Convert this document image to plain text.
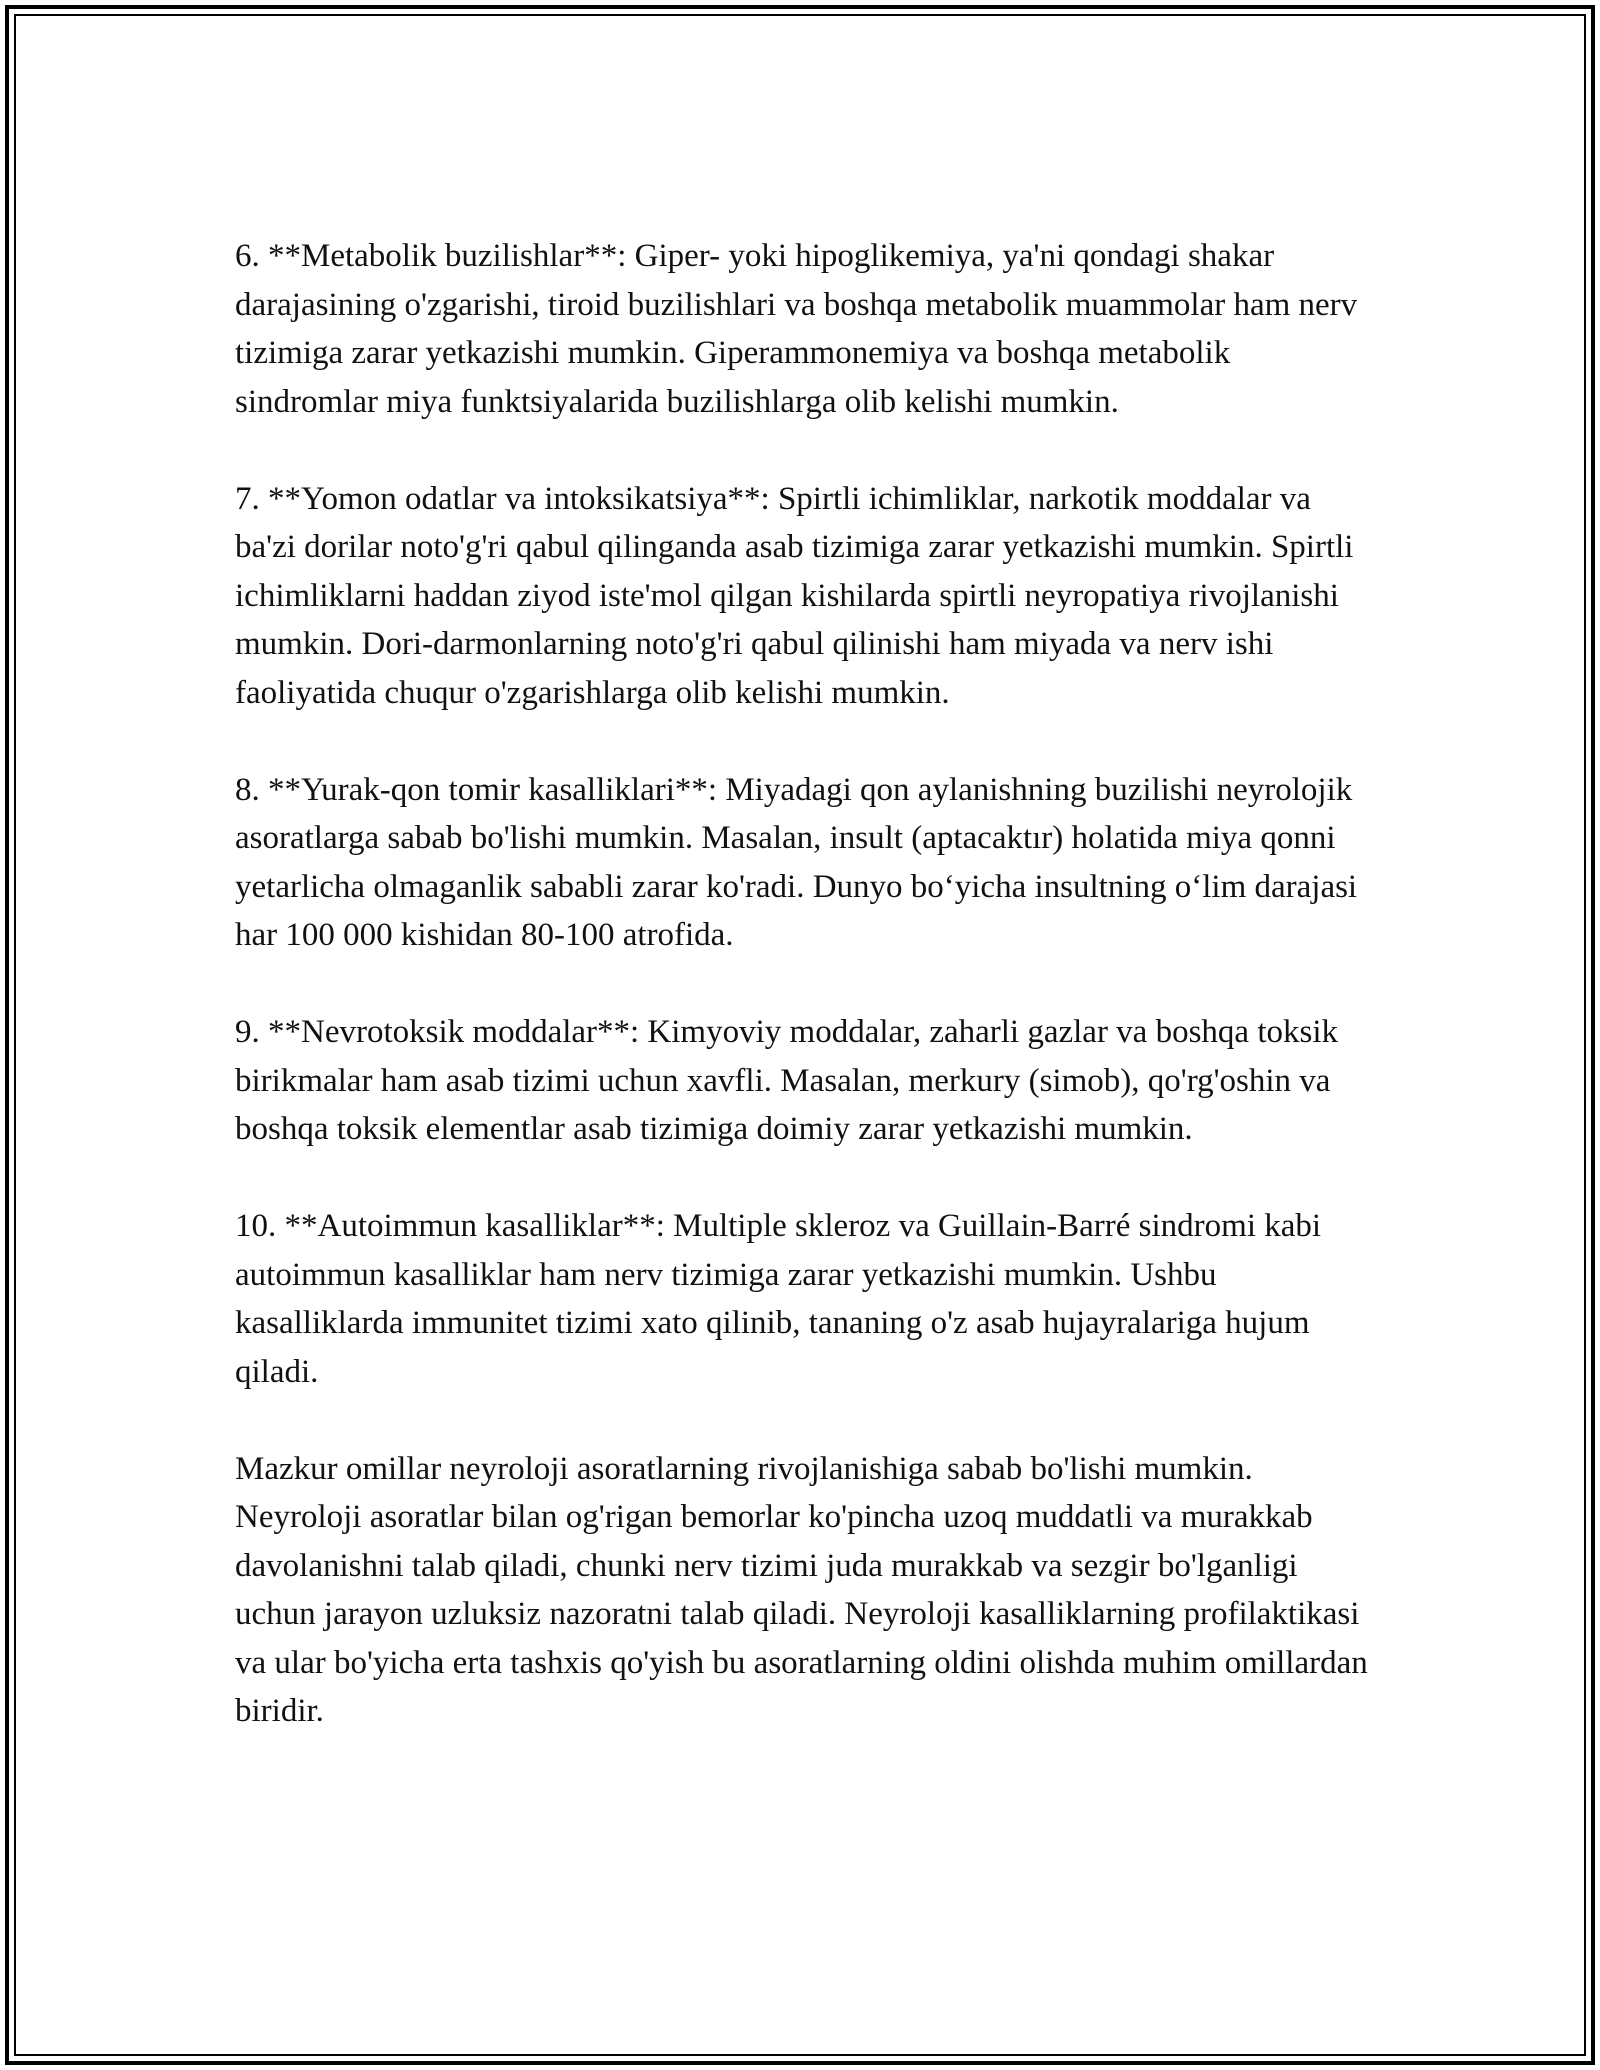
6. **Metabolik buzilishlar**: Giper- yoki hipoglikemiya, ya'ni qondagi shakar darajasining o'zgarishi, tiroid buzilishlari va boshqa metabolik muammolar ham nerv tizimiga zarar yetkazishi mumkin. Giperammonemiya va boshqa metabolik sindromlar miya funktsiyalarida buzilishlarga olib kelishi mumkin.

7. **Yomon odatlar va intoksikatsiya**: Spirtli ichimliklar, narkotik moddalar va ba'zi dorilar noto'g'ri qabul qilinganda asab tizimiga zarar yetkazishi mumkin. Spirtli ichimliklarni haddan ziyod iste'mol qilgan kishilarda spirtli neyropatiya rivojlanishi mumkin. Dori-darmonlarning noto'g'ri qabul qilinishi ham miyada va nerv ishi faoliyatida chuqur o'zgarishlarga olib kelishi mumkin.

8. **Yurak-qon tomir kasalliklari**: Miyadagi qon aylanishning buzilishi neyrolojik asoratlarga sabab bo'lishi mumkin. Masalan, insult (aptacaktır) holatida miya qonni yetarlicha olmaganlik sababli zarar ko'radi. Dunyo bo‘yicha insultning o‘lim darajasi har 100 000 kishidan 80-100 atrofida.

9. **Nevrotoksik moddalar**: Kimyoviy moddalar, zaharli gazlar va boshqa toksik birikmalar ham asab tizimi uchun xavfli. Masalan, merkury (simob), qo'rg'oshin va boshqa toksik elementlar asab tizimiga doimiy zarar yetkazishi mumkin.

10. **Autoimmun kasalliklar**: Multiple skleroz va Guillain-Barré sindromi kabi autoimmun kasalliklar ham nerv tizimiga zarar yetkazishi mumkin. Ushbu kasalliklarda immunitet tizimi xato qilinib, tananing o'z asab hujayralariga hujum qiladi.

Mazkur omillar neyroloji asoratlarning rivojlanishiga sabab bo'lishi mumkin. Neyroloji asoratlar bilan og'rigan bemorlar ko'pincha uzoq muddatli va murakkab davolanishni talab qiladi, chunki nerv tizimi juda murakkab va sezgir bo'lganligi uchun jarayon uzluksiz nazoratni talab qiladi. Neyroloji kasalliklarning profilaktikasi va ular bo'yicha erta tashxis qo'yish bu asoratlarning oldini olishda muhim omillardan biridir.
